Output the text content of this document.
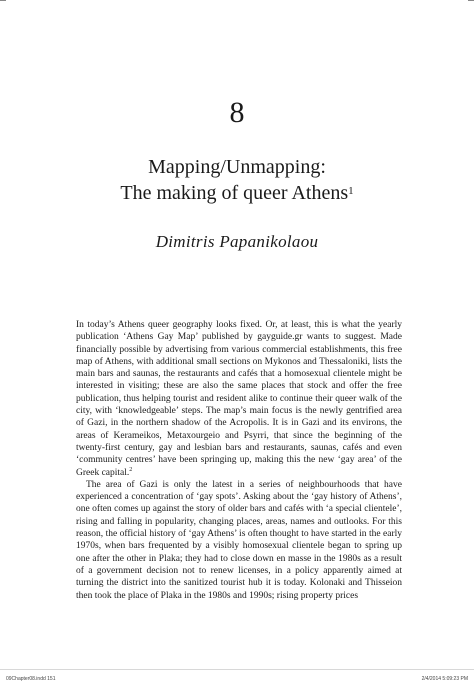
8
Mapping/Unmapping:
The making of queer Athens$^1$
Dimitris Papanikolaou

In today’s Athens queer geography looks fixed. Or, at least, this is what the yearly publication ‘Athens Gay Map’ published by gayguide.gr wants to suggest. Made financially possible by advertising from various commercial establishments, this free map of Athens, with additional small sections on Mykonos and Thessaloniki, lists the main bars and saunas, the restaurants and cafés that a homosexual clientele might be interested in visiting; these are also the same places that stock and offer the free publication, thus helping tourist and resident alike to continue their queer walk of the city, with ‘knowledgeable’ steps. The map’s main focus is the newly gentrified area of Gazi, in the northern shadow of the Acropolis. It is in Gazi and its environs, the areas of Kerameikos, Metaxourgeio and Psyrri, that since the beginning of the twenty-first century, gay and lesbian bars and restaurants, saunas, cafés and even ‘community centres’ have been springing up, making this the new ‘gay area’ of the Greek capital.$^2$

The area of Gazi is only the latest in a series of neighbourhoods that have experienced a concentration of ‘gay spots’. Asking about the ‘gay history of Athens’, one often comes up against the story of older bars and cafés with ‘a special clientele’, rising and falling in popularity, changing places, areas, names and outlooks. For this reason, the official history of ‘gay Athens’ is often thought to have started in the early 1970s, when bars frequented by a visibly homosexual clientele began to spring up one after the other in Plaka; they had to close down en masse in the 1980s as a result of a government decision not to renew licenses, in a policy apparently aimed at turning the district into the sanitized tourist hub it is today. Kolonaki and Thisseion then took the place of Plaka in the 1980s and 1990s; rising property prices

09Chapter08.indd 151	2/4/2014 5:09:23 PM
